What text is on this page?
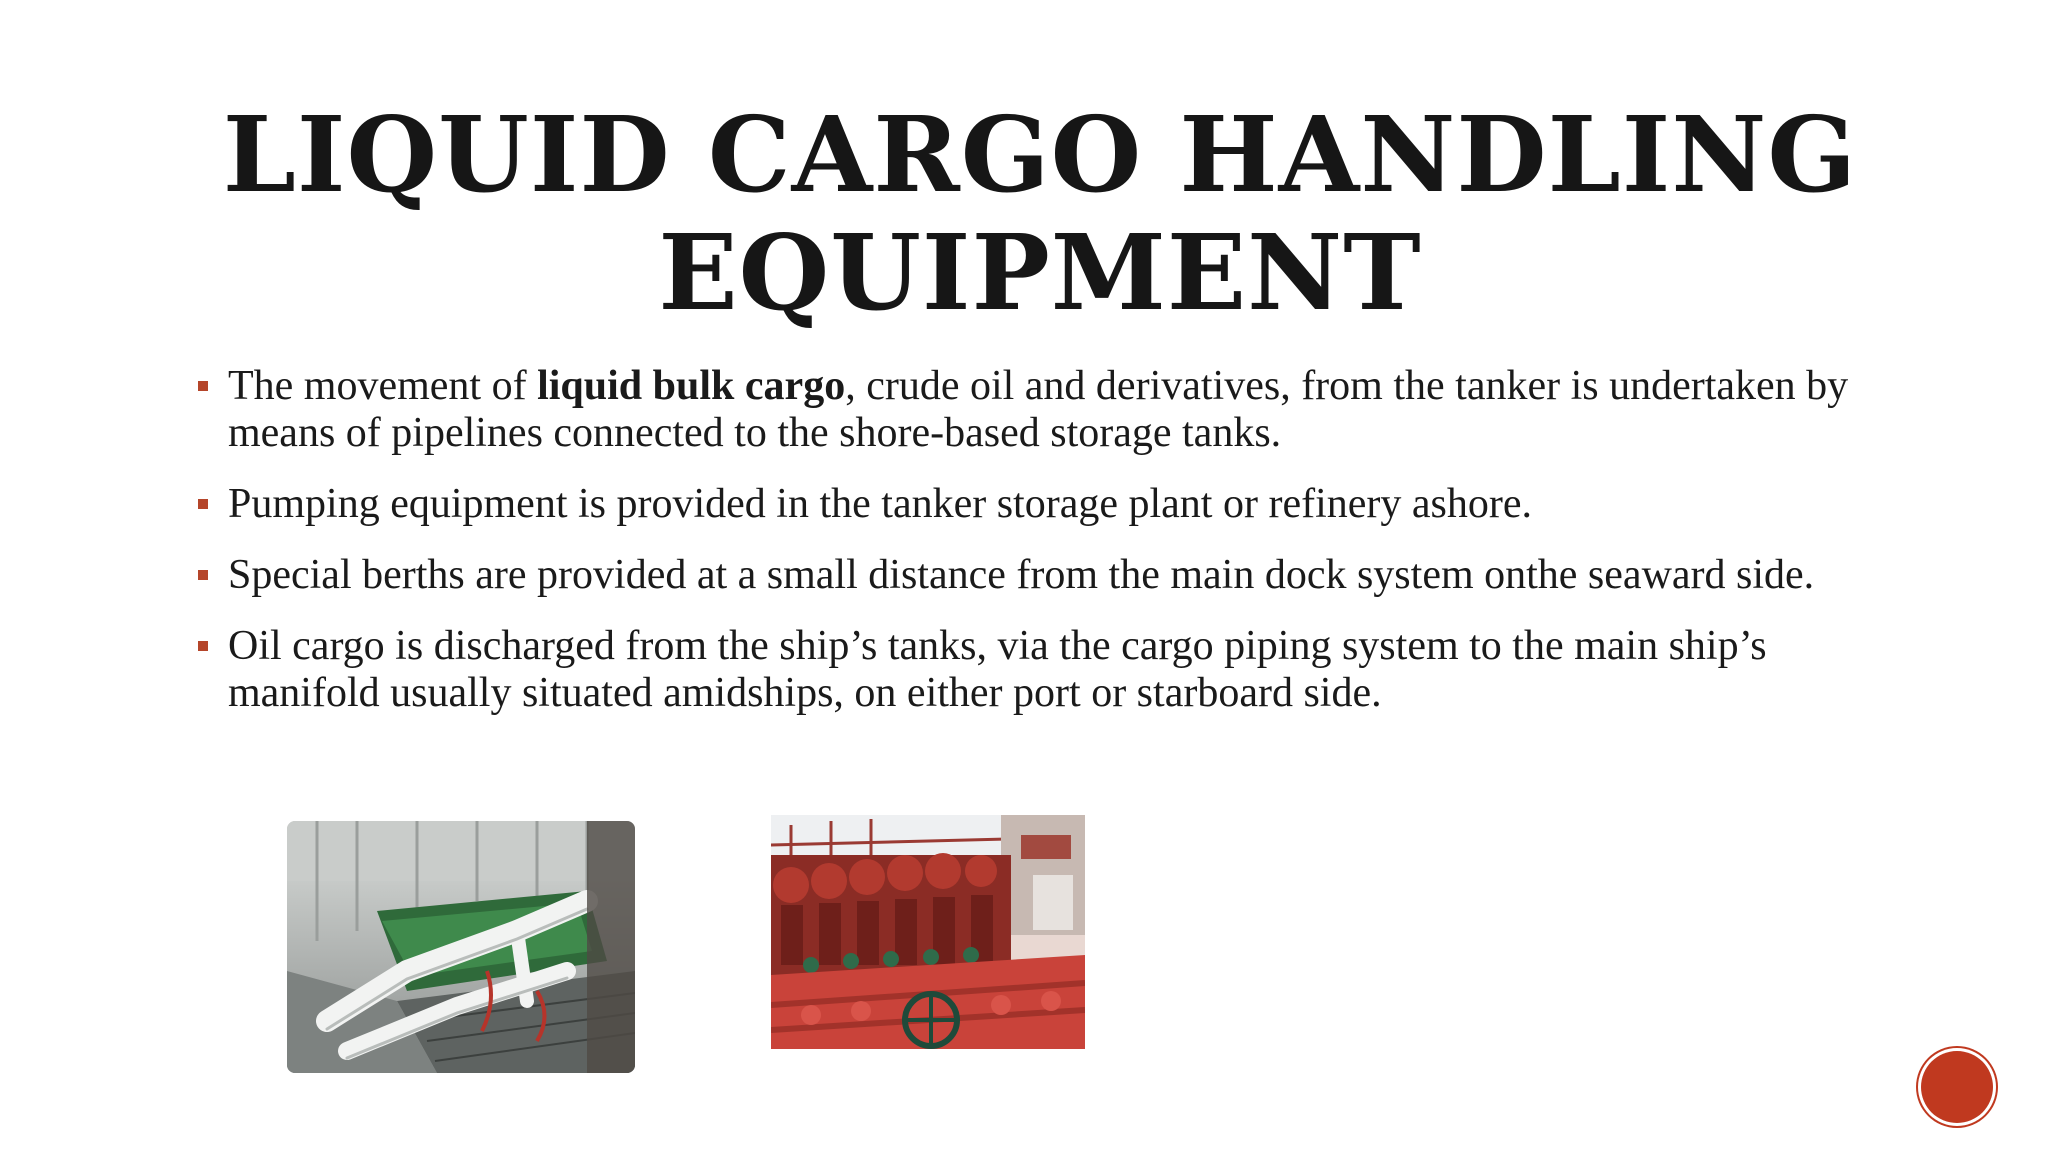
LIQUID CARGO HANDLING
EQUIPMENT
The movement of liquid bulk cargo, crude oil and derivatives, from the tanker is undertaken by means of pipelines connected to the shore-based storage tanks.
Pumping equipment is provided in the tanker storage plant or refinery ashore.
Special berths are provided at a small distance from the main dock system onthe seaward side.
Oil cargo is discharged from the ship’s tanks, via the cargo piping system to the main ship’s manifold usually situated amidships, on either port or starboard side.
